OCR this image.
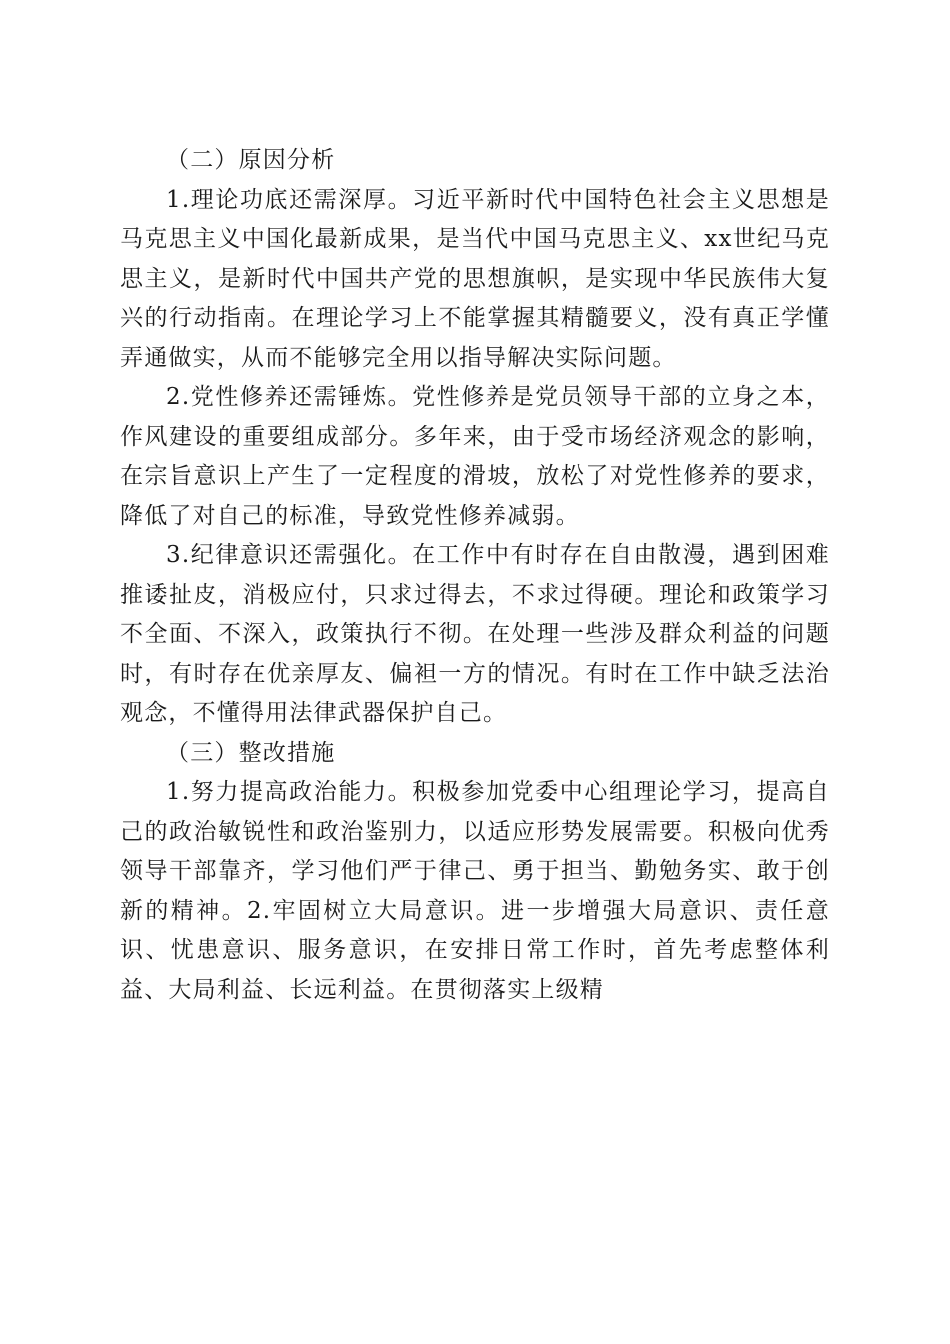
（二）原因分析

1.理论功底还需深厚。习近平新时代中国特色社会主义思想是马克思主义中国化最新成果，是当代中国马克思主义、xx世纪马克思主义，是新时代中国共产党的思想旗帜，是实现中华民族伟大复兴的行动指南。在理论学习上不能掌握其精髓要义，没有真正学懂弄通做实，从而不能够完全用以指导解决实际问题。

2.党性修养还需锤炼。党性修养是党员领导干部的立身之本，作风建设的重要组成部分。多年来，由于受市场经济观念的影响，在宗旨意识上产生了一定程度的滑坡，放松了对党性修养的要求，降低了对自己的标准，导致党性修养减弱。

3.纪律意识还需强化。在工作中有时存在自由散漫，遇到困难推诿扯皮，消极应付，只求过得去，不求过得硬。理论和政策学习不全面、不深入，政策执行不彻。在处理一些涉及群众利益的问题时，有时存在优亲厚友、偏袒一方的情况。有时在工作中缺乏法治观念，不懂得用法律武器保护自己。

（三）整改措施

1.努力提高政治能力。积极参加党委中心组理论学习，提高自己的政治敏锐性和政治鉴别力，以适应形势发展需要。积极向优秀领导干部靠齐，学习他们严于律己、勇于担当、勤勉务实、敢于创新的精神。2.牢固树立大局意识。进一步增强大局意识、责任意识、忧患意识、服务意识，在安排日常工作时，首先考虑整体利益、大局利益、长远利益。在贯彻落实上级精
